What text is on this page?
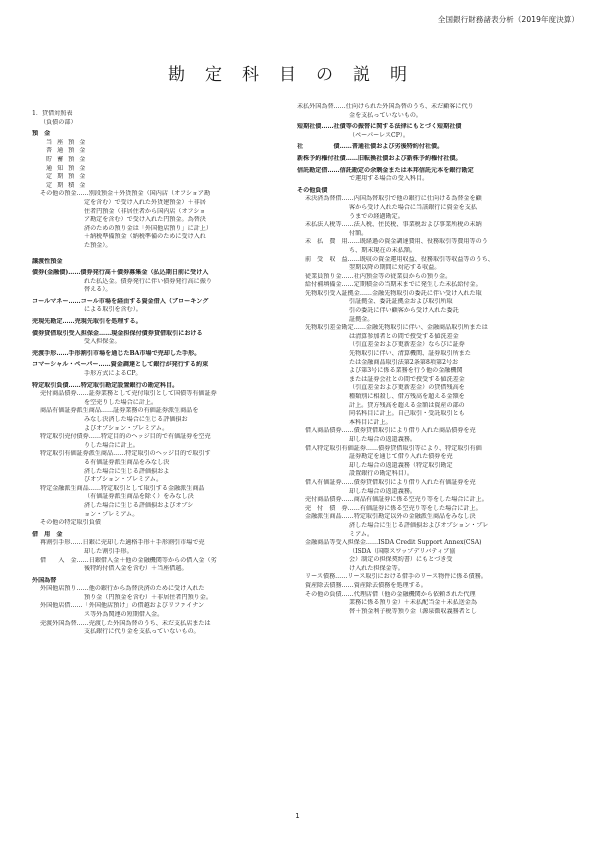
全国銀行財務諸表分析（2019年度決算）
勘定科目の説明
1．貸借対照表
（負債の部）
預　金
当座預金
普通預金
貯蓄預金
通知預金
定期預金
定期積金
その他の預金……別段預金＋外貨預金（国内店（オフショア勘
定を含む）で受け入れた外貨建預金）＋非居
住者円預金（非居住者から国内店（オフショ
ア勘定を含む）で受け入れた円預金。為替決
済のための預り金は「外国他店預り」に計上）
＋納税準備預金（納税準備のために受け入れ
た預金）。
譲渡性預金
債券(金融債)……債券発行高＋債券募集金（払込期日前に受け入
れた払込金。債券発行に伴い債券発行高に振り
替える）。
コールマネー……コール市場を経由する資金借入（ブローキング
による取引を含む）。
売現先勘定……売現先取引を処理する。
債券貸借取引受入担保金……現金担保付債券貸借取引における
受入担保金。
売渡手形……手形割引市場を通じたBA市場で売却した手形。
コマーシャル・ペーパー……資金調達として銀行が発行する約束
手形方式によるCP。
特定取引負債……特定取引勘定設置銀行の勘定科目。
売付商品債券……証券業務として売付取引として国債等有価証券
を空売りした場合に計上。
商品有価証券派生商品……証券業務の有価証券派生商品を
みなし決済した場合に生じる評価損お
よびオプション・プレミアム。
特定取引売付債券……特定目的のヘッジ目的で有価証券を空売
りした場合に計上。
特定取引有価証券派生商品……特定取引のヘッジ目的で取引す
る有価証券派生商品をみなし決
済した場合に生じる評価損およ
びオプション・プレミアム。
特定金融派生商品……特定取引として取引する金融派生商品
（有価証券派生商品を除く）をみなし決
済した場合に生じる評価損およびオプシ
ョン・プレミアム。
その他の特定取引負債
借　用　金
再割引手形……日銀に売却した適格手形＋手形割引市場で売
却した割引手形。
借　　入　金……日銀借入金＋他の金融機関等からの借入金（劣
後特約付借入金を含む）＋当座借越。
外国為替
外国他店預り……他の銀行から為替決済のために受け入れた
預り金（円預金を含む）＋非居住者円預り金。
外国他店借……「外国他店預け」の借越およびリファイナン
ス等外為関連の短期借入金。
売渡外国為替……売渡した外国為替のうち、未だ支払店または
支払銀行に代り金を支払っていないもの。
未払外国為替……仕向けられた外国為替のうち、未だ顧客に代り
金を支払っていないもの。
短期社債……社債等の振替に関する法律にもとづく短期社債
（ペーパーレスCP）。
社　　　　　債……普通社債および劣後特約付社債。
新株予約権付社債……旧転換社債および新株予約権付社債。
信託勘定借……信託勘定の余剰金または本邦信託元本を銀行勘定
で運用する場合の受入科目。
その他負債
未決済為替借……内国為替取引で他の銀行に仕向ける為替金を顧
客から受け入れた場合に当該銀行に資金を支払
うまでの経過勘定。
未払法人税等……法人税、住民税、事業税および事業所税の未納
付額。
未　払　費　用……既経過の資金調達費用、役務取引等費用等のう
ち、期末現在の未払額。
前　受　収　益……既収の資金運用収益、役務取引等収益等のうち、
翌期以降の期間に対応する収益。
従業員預り金……社内預金等の従業員からの預り金。
給付補填備金……定期積金の当期末までに発生した未払給付金。
先物取引受入証拠金……金融先物取引の委託に伴い受け入れた取
引証拠金、委託証拠金および取引所取
引の委託に伴い顧客から受け入れた委託
証拠金。
先物取引差金勘定……金融先物取引に伴い、金融商品取引所または
は清算参加者との間で授受する値洗差金
（引直差金および更新差金）ならびに証券
先物取引に伴い、清算機関、証券取引所また
たは金融商品取引法第2条第8項第2号お
よび第3号に係る業務を行う他の金融機関
または証券会社との間で授受する値洗差金
（引直差金および更新差金）の貸借残高を
種類別に相殺し、借方残高を超える金額を
計上。貸方残高を超える金額は資産の部の
同名科目に計上。自己取引・受託取引とも
本科目に計上。
借入商品債券……債券貸借取引により借り入れた商品債券を売
却した場合の返還義務。
借入特定取引有価証券……債券貸借取引等により、特定取引有価
証券勘定を通じて借り入れた債券を売
却した場合の返還義務（特定取引勘定
設置銀行の勘定科目）。
借入有価証券……債券貸借取引により借り入れた有価証券を売
却した場合の返還義務。
売付商品債券……商品有価証券に係る空売り等をした場合に計上。
売　付　債　券……有価証券に係る空売り等をした場合に計上。
金融派生商品……特定取引勘定以外の金融派生商品をみなし決
済した場合に生じる評価損およびオプション・プレ
ミアム。
金融商品等受入担保金……ISDA Credit Support Annex(CSA)
（ISDA（国際スワップデリバティブ協
会）制定の担保契約書）にもとづき受
け入れた担保金等。
リース債務……リース取引における借手のリース物件に係る債務。
資産除去債務……資産除去債務を処理する。
その他の負債……代理店借（他の金融機関から依頼された代理
業務に係る預り金）＋未払配当金＋未払送金為
替＋預金利子税等預り金（源泉徴収義務者とし
1
